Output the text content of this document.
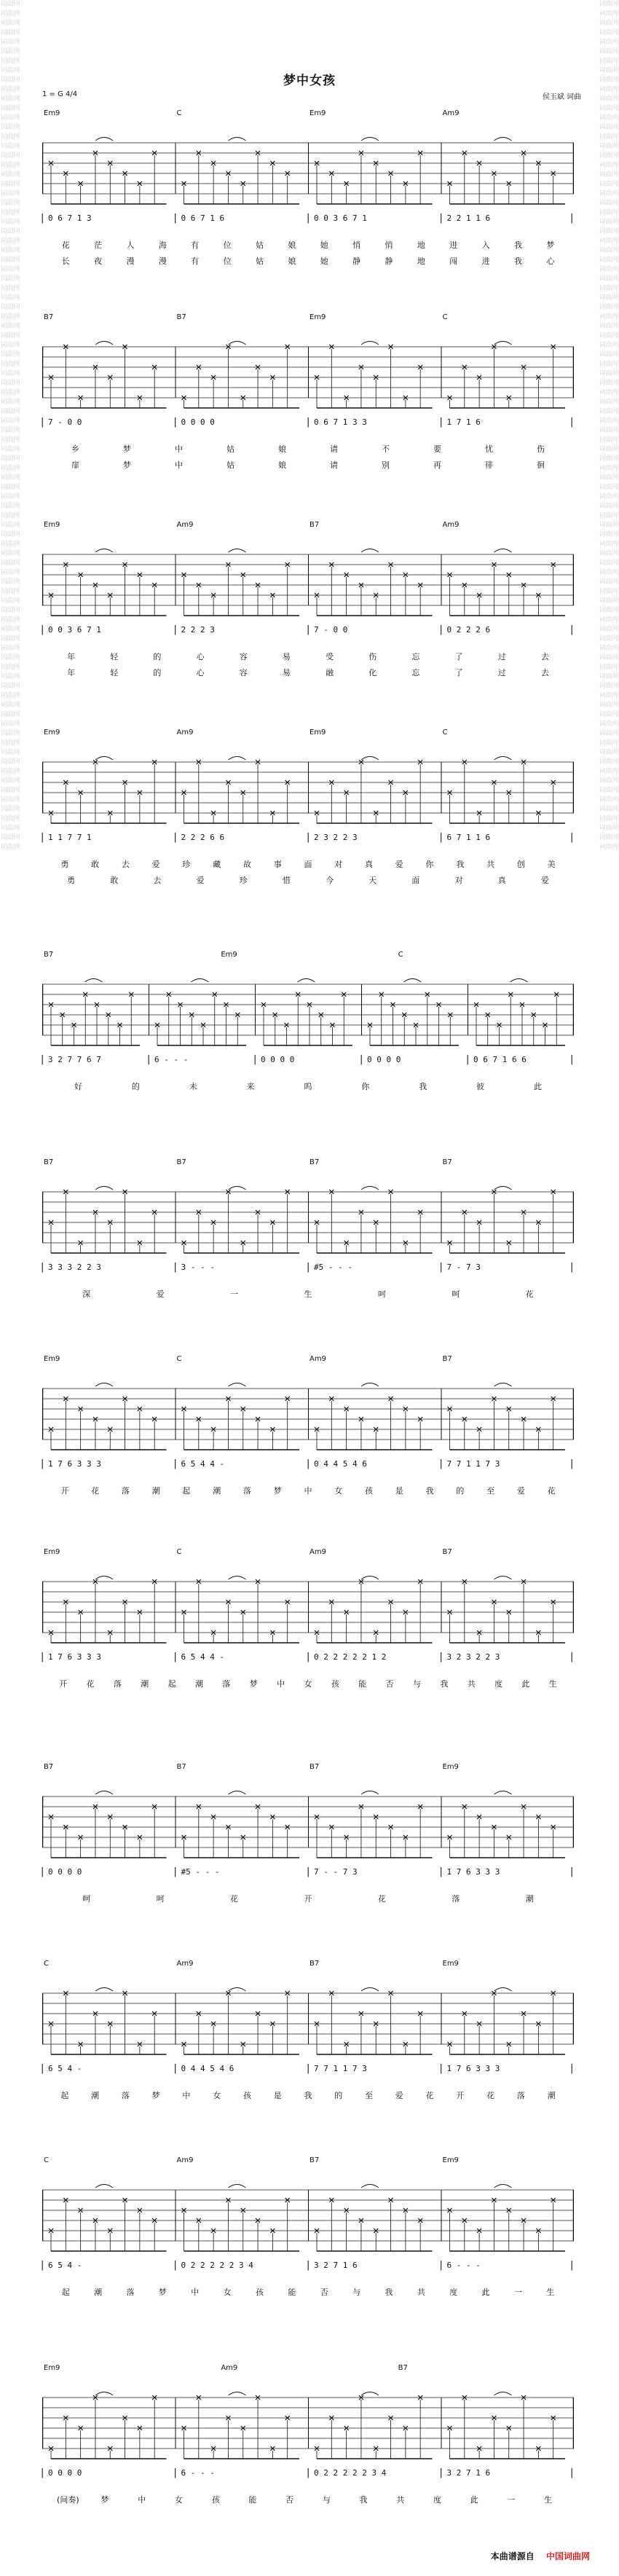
词曲网
词曲网
词曲网
词曲网
词曲网
词曲网
词曲网
词曲网
词曲网
词曲网
词曲网
词曲网
词曲网
词曲网
词曲网
词曲网
词曲网
词曲网
词曲网
词曲网
词曲网
词曲网
词曲网
词曲网
词曲网
词曲网
词曲网
词曲网
词曲网
词曲网
词曲网
词曲网
词曲网
词曲网
词曲网
词曲网
词曲网
词曲网
词曲网
词曲网
词曲网
词曲网
词曲网
词曲网
词曲网
词曲网
词曲网
词曲网
词曲网
词曲网
词曲网
词曲网
词曲网
词曲网
词曲网
词曲网
词曲网
词曲网
词曲网
词曲网
词曲网
词曲网
词曲网
词曲网
词曲网
词曲网
词曲网
词曲网
词曲网
词曲网
词曲网
词曲网
词曲网
词曲网
词曲网
词曲网
词曲网
词曲网
词曲网
词曲网
词曲网
词曲网
词曲网
词曲网
词曲网
词曲网
词曲网
词曲网
词曲网
词曲网
词曲网
词曲网
词曲网
词曲网
词曲网
词曲网
词曲网
词曲网
词曲网
词曲网
词曲网
词曲网
词曲网
词曲网
词曲网
词曲网
词曲网
词曲网
词曲网
词曲网
词曲网
词曲网
词曲网
词曲网
词曲网
词曲网
词曲网
词曲网
词曲网
词曲网
词曲网
词曲网
词曲网
词曲网
词曲网
词曲网
词曲网
词曲网
词曲网
词曲网
词曲网
词曲网
词曲网
词曲网
词曲网
词曲网
词曲网
词曲网
词曲网
词曲网
词曲网
词曲网
词曲网
词曲网
词曲网
词曲网
词曲网
词曲网
词曲网
词曲网
词曲网
词曲网
词曲网
词曲网
词曲网
词曲网
词曲网
词曲网
词曲网
词曲网
词曲网
词曲网
词曲网
词曲网
词曲网
词曲网
词曲网
词曲网
词曲网
词曲网
词曲网
词曲网
词曲网
词曲网
词曲网
词曲网
词曲网
词曲网
词曲网
词曲网
梦中女孩
1 = G 4/4	侯玉斌 词曲
Em9	C	Em9	Am9
|	|	|	|	|
0 6 7 1 3	0 6 7 1 6	0 0 3 6 7 1	2 2 1 1 6
花	茫	人	海	有	位	姑	娘	她	悄	悄	地	进	入	我	梦
长	夜	漫	漫	有	位	姑	娘	她	静	静	地	闯	进	我	心
B7	B7	Em9	C
|	|	|	|	|
7 - 0 0	0 0 0 0	0 6 7 1 3 3	1 7 1 6
乡	梦	中	姑	娘	请	不	要	忧	伤
扉	梦	中	姑	娘	请	别	再	徘	徊
Em9	Am9	B7	Am9
|	|	|	|	|
0 0 3 6 7 1	2 2 2 3	7 - 0 0	0 2 2 2 6
年	轻	的	心	容	易	受	伤	忘	了	过	去
年	轻	的	心	容	易	融	化	忘	了	过	去
Em9	Am9	Em9	C
|	|	|	|	|
1 1 7 7 1	2 2 2 6 6	2 3 2 2 3	6 7 1 1 6
勇	敢	去	爱	珍	藏	故	事	面	对	真	爱	你	我	共	创	美
勇	敢	去	爱	珍	惜	今	天	面	对	真	爱
B7	Em9	C
|	|	|	|	|	|
3 2 7 7 6 7	6 - - -	0 0 0 0	0 0 0 0	0 6 7 1 6 6
好	的	未	来	呜	你	我	彼	此
B7	B7	B7	B7
|	|	|	|	|
3 3 3 2 2 3	3 - - -	#5 - - -	7 - 7 3
深	爱	一	生	呵	呵	花
Em9	C	Am9	B7
|	|	|	|	|
1 7 6 3 3 3	6 5 4 4 -	0 4 4 5 4 6	7 7 1 1 7 3
开	花	落	潮	起	潮	落	梦	中	女	孩	是	我	的	至	爱	花
Em9	C	Am9	B7
|	|	|	|	|
1 7 6 3 3 3	6 5 4 4 -	0 2 2 2 2 2 1 2	3 2 3 2 2 3
开	花	落	潮	起	潮	落	梦	中	女	孩	能	否	与	我	共	度	此	生
B7	B7	B7	Em9
|	|	|	|	|
0 0 0 0	#5 - - -	7 - - 7 3	1 7 6 3 3 3
呵	呵	花	开	花	落	潮
C	Am9	B7	Em9
|	|	|	|	|
6 5 4 -	0 4 4 5 4 6	7 7 1 1 7 3	1 7 6 3 3 3
起	潮	落	梦	中	女	孩	是	我	的	至	爱	花	开	花	落	潮
C	Am9	B7	Em9
|	|	|	|	|
6 5 4 -	0 2 2 2 2 2 3 4	3 2 7 1 6	6 - - -
起	潮	落	梦	中	女	孩	能	否	与	我	共	度	此	一	生
Em9	Am9	B7
|	|	|	|	|
0 0 0 0	6 - - -	0 2 2 2 2 2 3 4	3 2 7 1 6
(间奏)	梦	中	女	孩	能	否	与	我	共	度	此	一	生
本曲谱源自 中国词曲网
